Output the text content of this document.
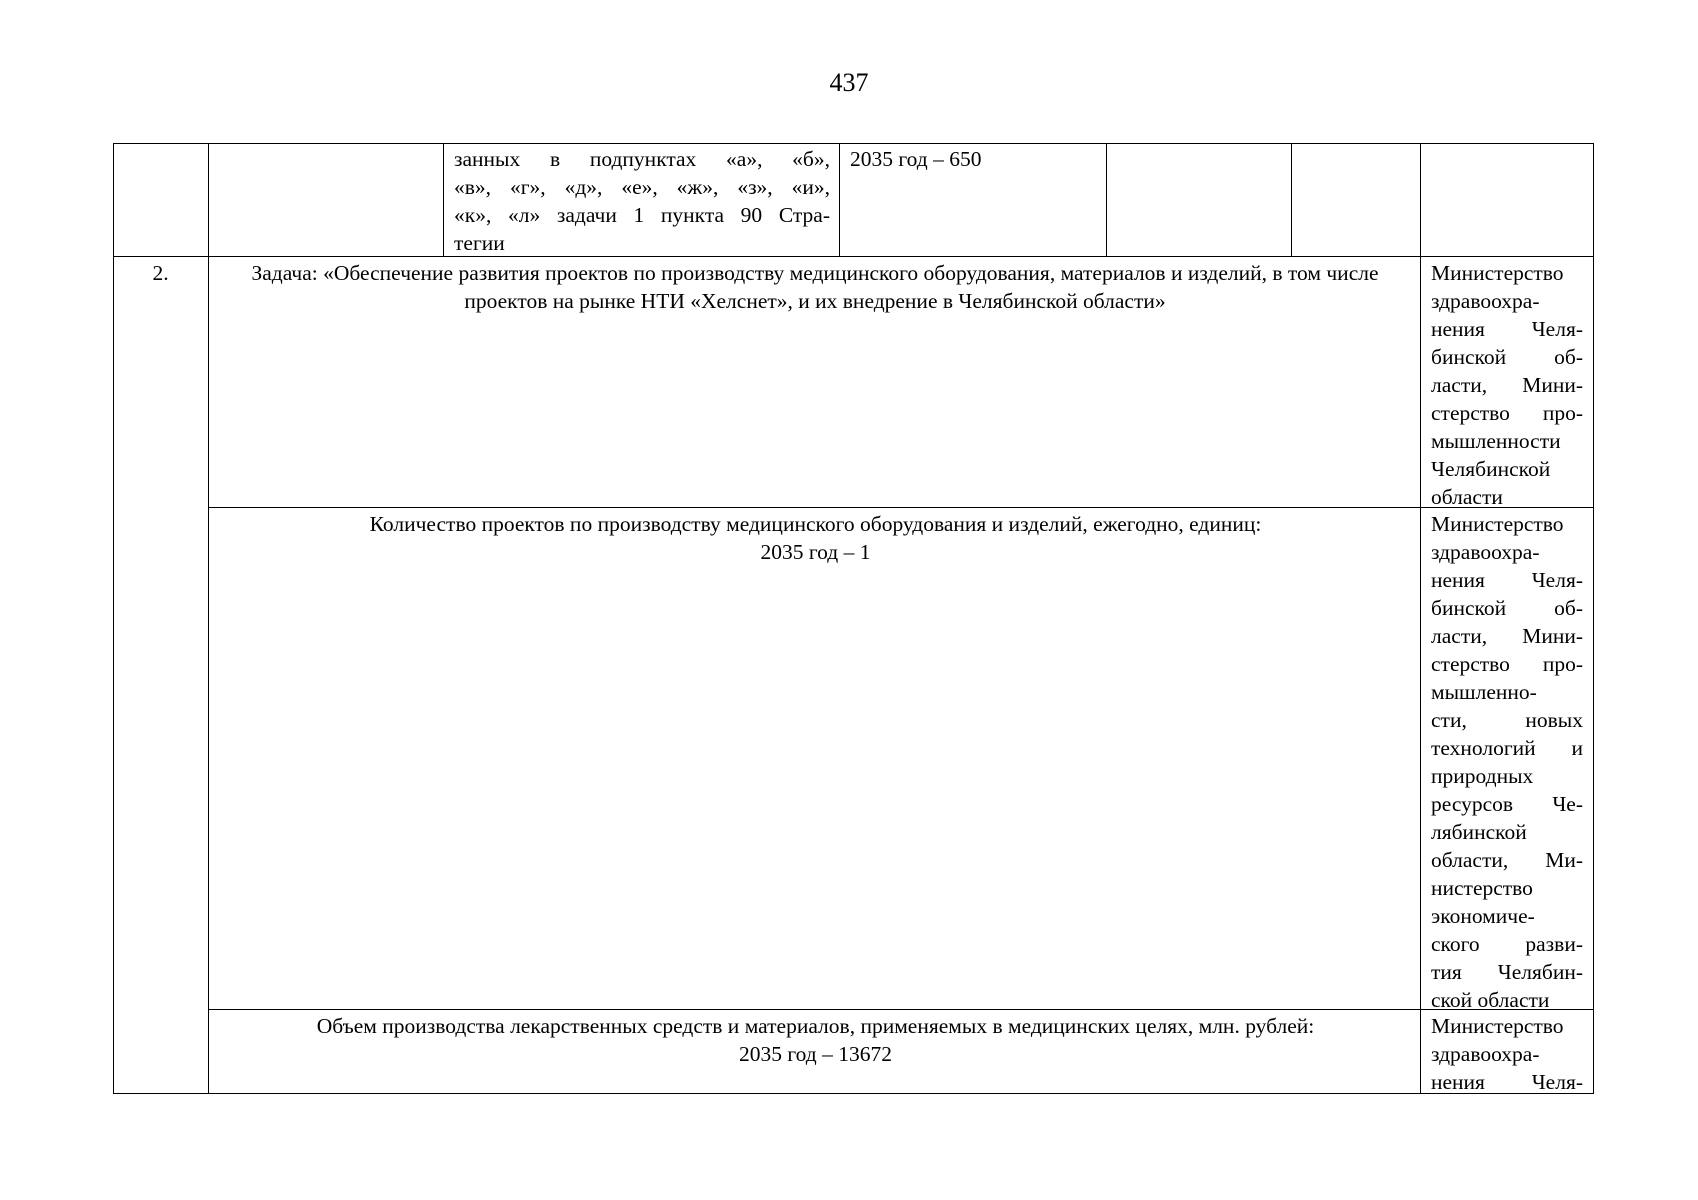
437
занных в подпунктах «а», «б»,
«в», «г», «д», «е», «ж», «з», «и»,
«к», «л» задачи 1 пункта 90 Стра-
тегии
2035 год – 650
2.	Задача: «Обеспечение развития проектов по производству медицинского оборудования, материалов и изделий, в том числе проектов на рынке НТИ «Хелснет», и их внедрение в Челябинской области»
Министерство
здравоохра-
нения Челя-
бинской об-
ласти, Мини-
стерство про-
мышленности
Челябинской
области
Количество проектов по производству медицинского оборудования и изделий, ежегодно, единиц:
2035 год – 1
Министерство
здравоохра-
нения Челя-
бинской об-
ласти, Мини-
стерство про-
мышленно-
сти, новых
технологий и
природных
ресурсов Че-
лябинской
области, Ми-
нистерство
экономиче-
ского разви-
тия Челябин-
ской области
Объем производства лекарственных средств и материалов, применяемых в медицинских целях, млн. рублей:
2035 год – 13672
Министерство
здравоохра-
нения Челя-
